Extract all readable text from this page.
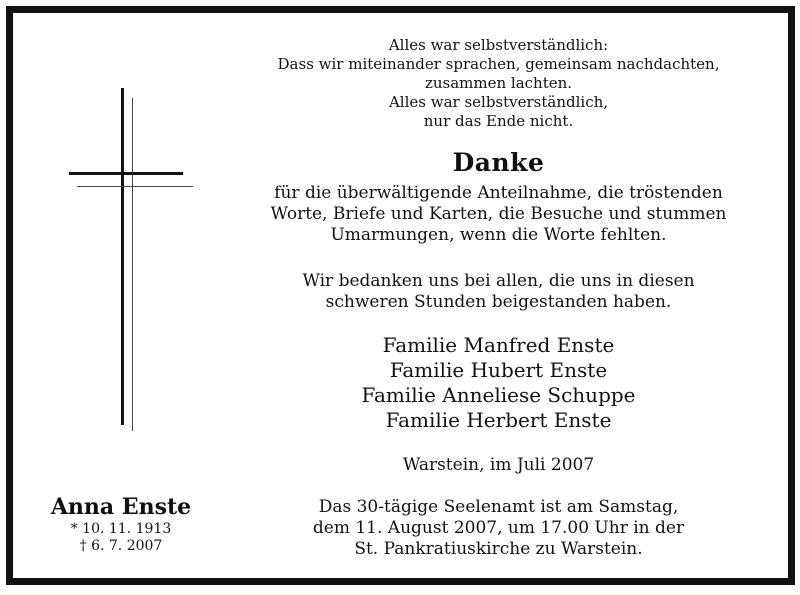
Alles war selbstverständlich:
Dass wir miteinander sprachen, gemeinsam nachdachten,
zusammen lachten.
Alles war selbstverständlich,
nur das Ende nicht.
Danke
für die überwältigende Anteilnahme, die tröstenden
Worte, Briefe und Karten, die Besuche und stummen
Umarmungen, wenn die Worte fehlten.
Wir bedanken uns bei allen, die uns in diesen
schweren Stunden beigestanden haben.
Familie Manfred Enste
Familie Hubert Enste
Familie Anneliese Schuppe
Familie Herbert Enste
Warstein, im Juli 2007
Das 30-tägige Seelenamt ist am Samstag,
dem 11. August 2007, um 17.00 Uhr in der
St. Pankratiuskirche zu Warstein.
Anna Enste
* 10. 11. 1913
† 6. 7. 2007
